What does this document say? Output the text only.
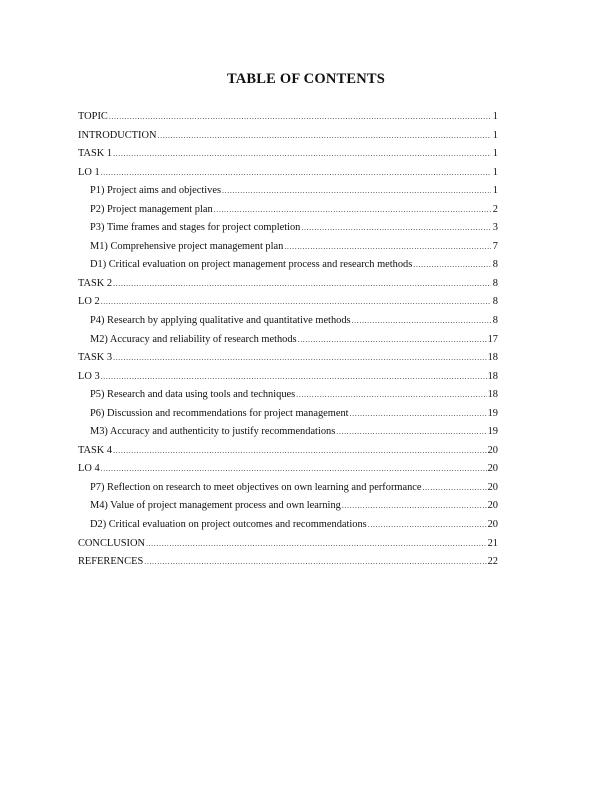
TABLE OF CONTENTS
TOPIC .....	1
INTRODUCTION .....	1
TASK 1 .....	1
LO 1 .....	1
P1) Project aims and objectives .....	1
P2) Project management plan .....	2
P3) Time frames and stages for project completion .....	3
M1) Comprehensive project management plan .....	7
D1) Critical evaluation on project management process and research methods .....	8
TASK 2 .....	8
LO 2 .....	8
P4) Research by applying qualitative and quantitative methods .....	8
M2) Accuracy and reliability of research methods .....	17
TASK 3 .....	18
LO 3 .....	18
P5) Research and data using tools and techniques .....	18
P6) Discussion and recommendations for project management .....	19
M3) Accuracy and authenticity to justify recommendations .....	19
TASK 4 .....	20
LO 4 .....	20
P7) Reflection on research to meet objectives on own learning and performance .....	20
M4) Value of project management process and own learning .....	20
D2) Critical evaluation on project outcomes and recommendations .....	20
CONCLUSION .....	21
REFERENCES .....	22
